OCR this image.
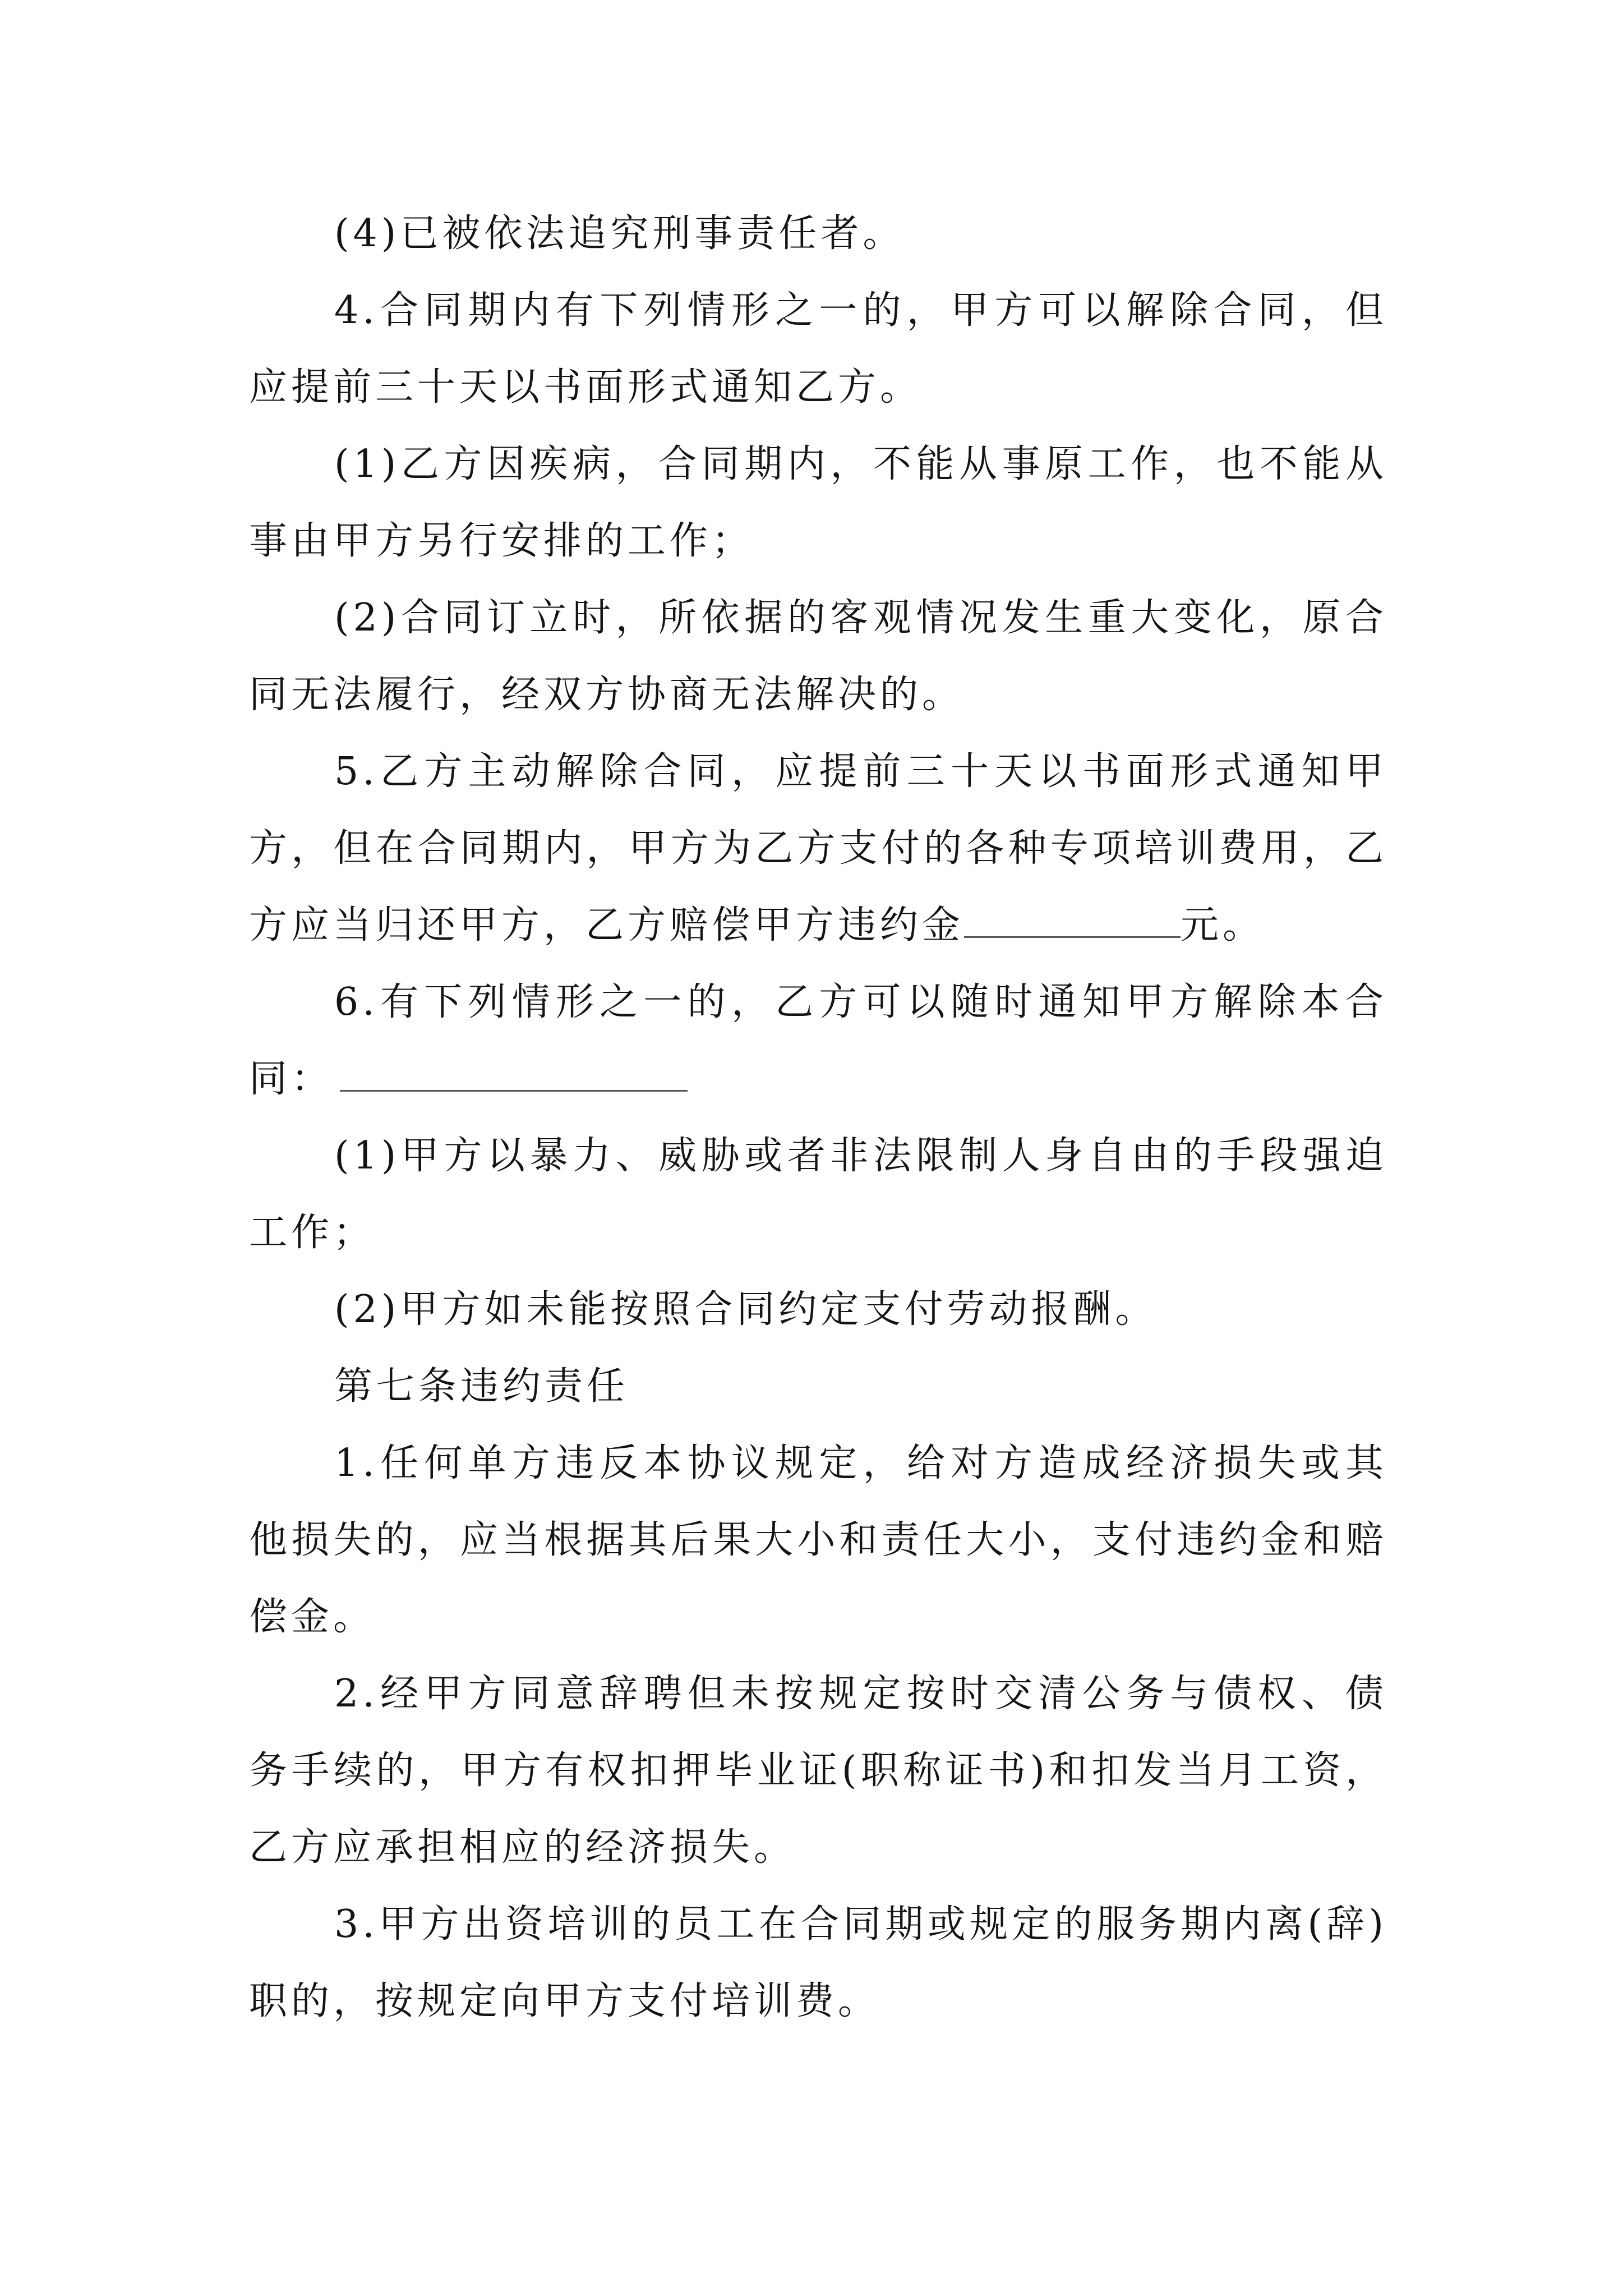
(4)已被依法追究刑事责任者。

4.合同期内有下列情形之一的，甲方可以解除合同，但应提前三十天以书面形式通知乙方。

(1)乙方因疾病，合同期内，不能从事原工作，也不能从事由甲方另行安排的工作；

(2)合同订立时，所依据的客观情况发生重大变化，原合同无法履行，经双方协商无法解决的。

5.乙方主动解除合同，应提前三十天以书面形式通知甲方，但在合同期内，甲方为乙方支付的各种专项培训费用，乙方应当归还甲方，乙方赔偿甲方违约金	元。

6.有下列情形之一的，乙方可以随时通知甲方解除本合同：

(1)甲方以暴力、威胁或者非法限制人身自由的手段强迫工作；

(2)甲方如未能按照合同约定支付劳动报酬。

第七条违约责任

1.任何单方违反本协议规定，给对方造成经济损失或其他损失的，应当根据其后果大小和责任大小，支付违约金和赔偿金。

2.经甲方同意辞聘但未按规定按时交清公务与债权、债务手续的，甲方有权扣押毕业证(职称证书)和扣发当月工资，乙方应承担相应的经济损失。

3.甲方出资培训的员工在合同期或规定的服务期内离(辞)职的，按规定向甲方支付培训费。
